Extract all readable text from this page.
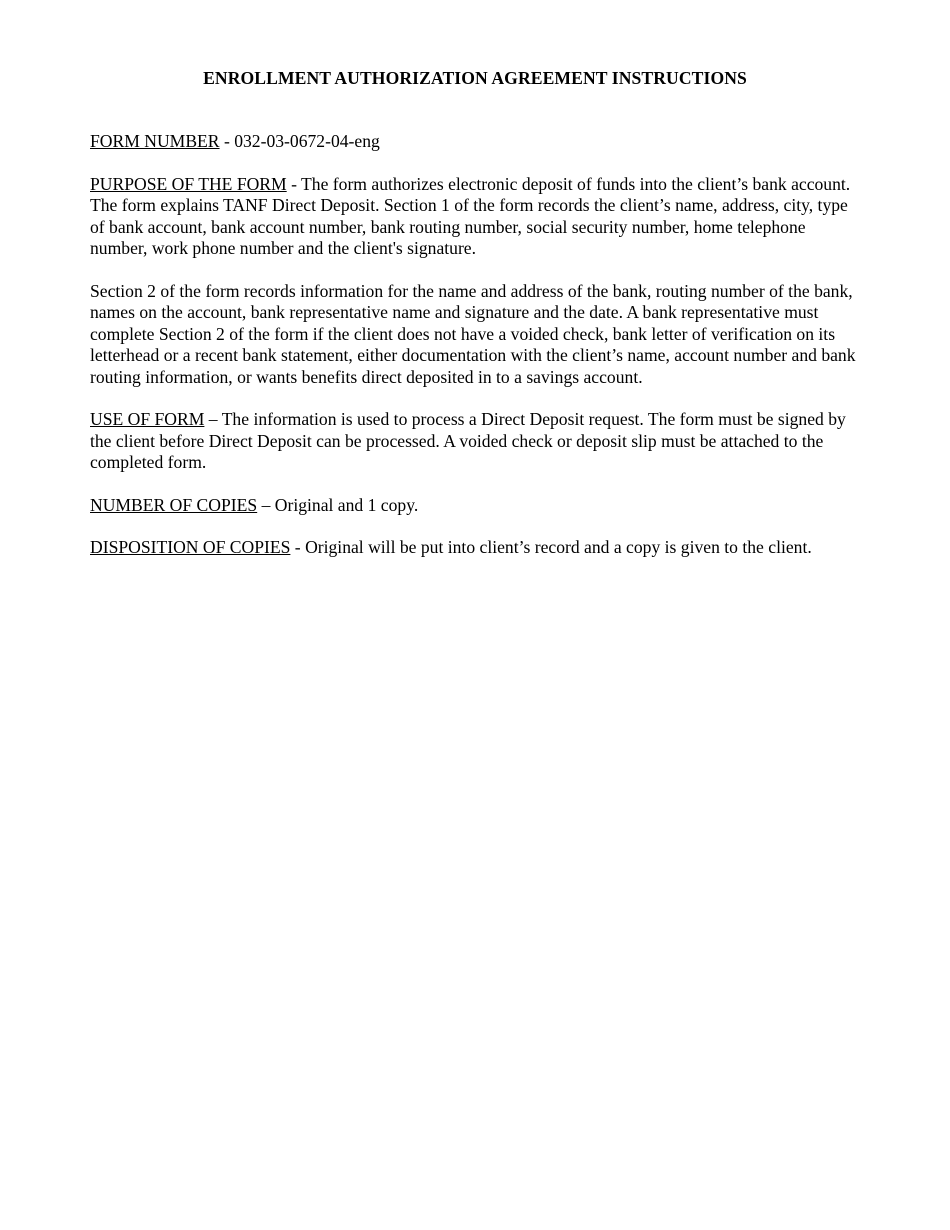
ENROLLMENT AUTHORIZATION AGREEMENT INSTRUCTIONS

FORM NUMBER - 032-03-0672-04-eng

PURPOSE OF THE FORM - The form authorizes electronic deposit of funds into the client’s bank account. The form explains TANF Direct Deposit. Section 1 of the form records the client’s name, address, city, type of bank account, bank account number, bank routing number, social security number, home telephone number, work phone number and the client's signature.

Section 2 of the form records information for the name and address of the bank, routing number of the bank, names on the account, bank representative name and signature and the date. A bank representative must complete Section 2 of the form if the client does not have a voided check, bank letter of verification on its letterhead or a recent bank statement, either documentation with the client’s name, account number and bank routing information, or wants benefits direct deposited in to a savings account.

USE OF FORM – The information is used to process a Direct Deposit request. The form must be signed by the client before Direct Deposit can be processed. A voided check or deposit slip must be attached to the completed form.

NUMBER OF COPIES – Original and 1 copy.

DISPOSITION OF COPIES - Original will be put into client’s record and a copy is given to the client.
